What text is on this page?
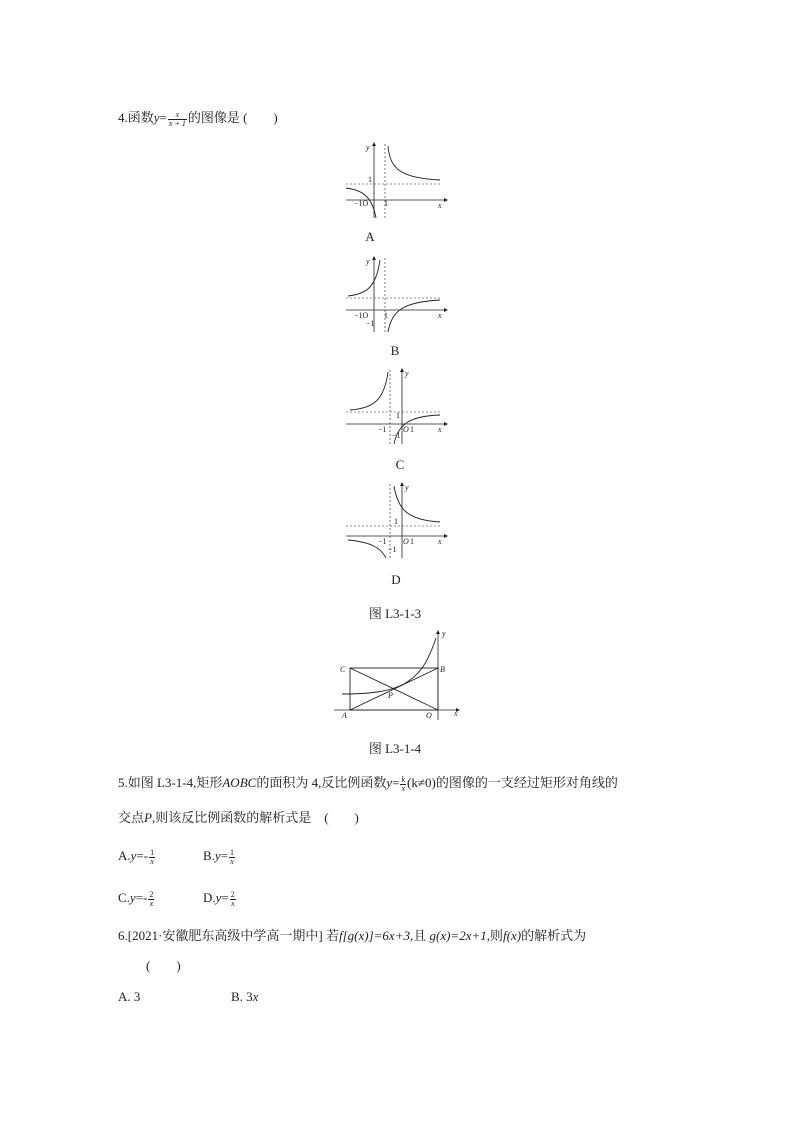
4.函数$y= \frac{x}{x + 1}$ 的图像是 (　　)
y
x
1
−1O 1
A
y
x
−1O 1
−1
B
y
x
1
−1 O 1
−1
C
y
x
1
−1 O 1
−1
D
图 L3-1-3
C	B
A	O
P
y
x
图 L3-1-4
5.如图 L3-1-4,矩形AOBC的面积为 4,反比例函数$y= \frac{k}{x} (k\ne 0)$的图像的一支经过矩形对角线的
交点P,则该反比例函数的解析式是　(　　)
$A.y=- \frac{1}{x}$	$B.y= \frac{1}{x}$
$C.y=- \frac{2}{x}$	$D.y= \frac{2}{x}$
6.[2021·安徽肥东高级中学高一期中] 若f[g(x)]=6x+3,且 g(x)=2x+1,则f(x)的解析式为
(　　)
A. 3	B. 3x
